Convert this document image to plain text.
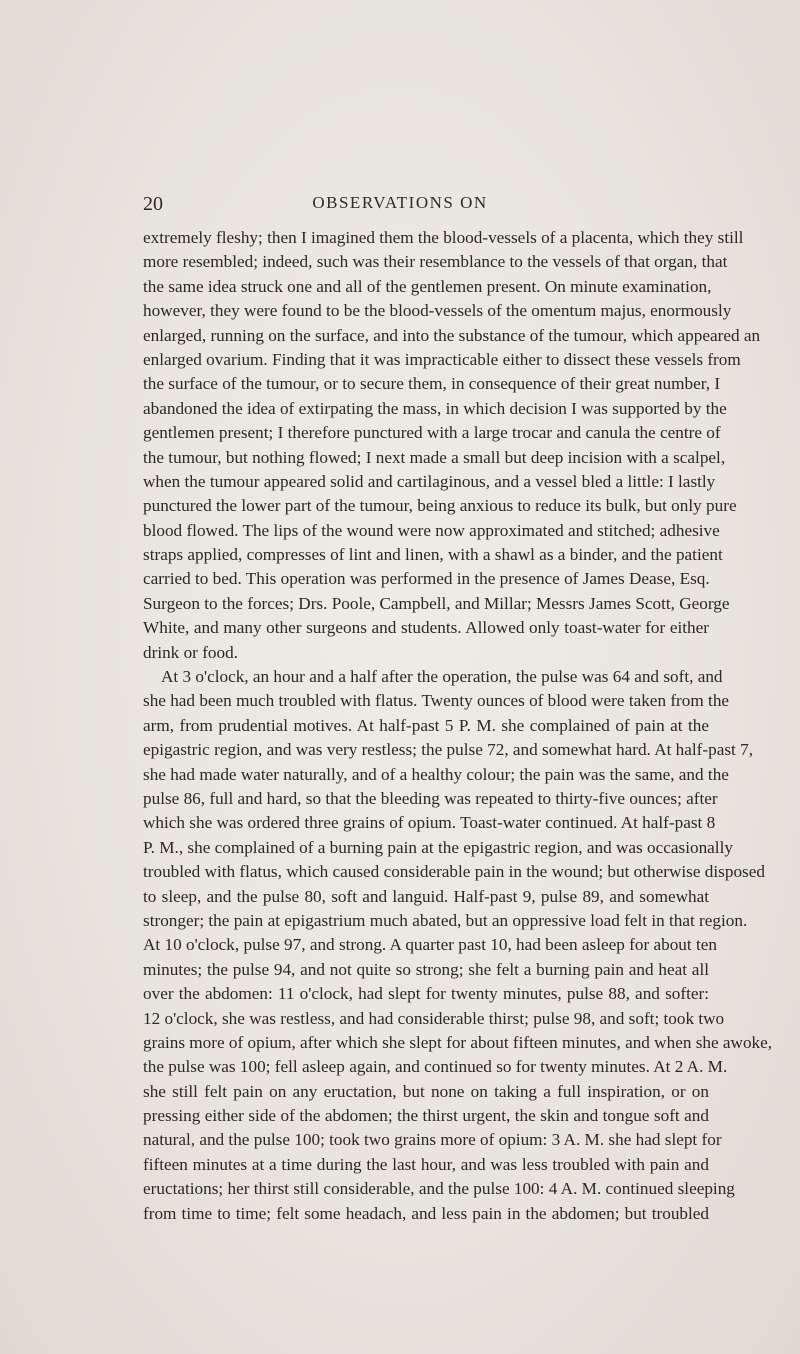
20	OBSERVATIONS ON
extremely fleshy; then I imagined them the blood-vessels of a placenta, which they still
more resembled; indeed, such was their resemblance to the vessels of that organ, that
the same idea struck one and all of the gentlemen present. On minute examination,
however, they were found to be the blood-vessels of the omentum majus, enormously
enlarged, running on the surface, and into the substance of the tumour, which appeared an
enlarged ovarium. Finding that it was impracticable either to dissect these vessels from
the surface of the tumour, or to secure them, in consequence of their great number, I
abandoned the idea of extirpating the mass, in which decision I was supported by the
gentlemen present; I therefore punctured with a large trocar and canula the centre of
the tumour, but nothing flowed; I next made a small but deep incision with a scalpel,
when the tumour appeared solid and cartilaginous, and a vessel bled a little: I lastly
punctured the lower part of the tumour, being anxious to reduce its bulk, but only pure
blood flowed. The lips of the wound were now approximated and stitched; adhesive
straps applied, compresses of lint and linen, with a shawl as a binder, and the patient
carried to bed. This operation was performed in the presence of James Dease, Esq.
Surgeon to the forces; Drs. Poole, Campbell, and Millar; Messrs James Scott, George
White, and many other surgeons and students. Allowed only toast-water for either
drink or food.
At 3 o'clock, an hour and a half after the operation, the pulse was 64 and soft, and
she had been much troubled with flatus. Twenty ounces of blood were taken from the
arm, from prudential motives. At half-past 5 P. M. she complained of pain at the
epigastric region, and was very restless; the pulse 72, and somewhat hard. At half-past 7,
she had made water naturally, and of a healthy colour; the pain was the same, and the
pulse 86, full and hard, so that the bleeding was repeated to thirty-five ounces; after
which she was ordered three grains of opium. Toast-water continued. At half-past 8
P. M., she complained of a burning pain at the epigastric region, and was occasionally
troubled with flatus, which caused considerable pain in the wound; but otherwise disposed
to sleep, and the pulse 80, soft and languid. Half-past 9, pulse 89, and somewhat
stronger; the pain at epigastrium much abated, but an oppressive load felt in that region.
At 10 o'clock, pulse 97, and strong. A quarter past 10, had been asleep for about ten
minutes; the pulse 94, and not quite so strong; she felt a burning pain and heat all
over the abdomen: 11 o'clock, had slept for twenty minutes, pulse 88, and softer:
12 o'clock, she was restless, and had considerable thirst; pulse 98, and soft; took two
grains more of opium, after which she slept for about fifteen minutes, and when she awoke,
the pulse was 100; fell asleep again, and continued so for twenty minutes. At 2 A. M.
she still felt pain on any eructation, but none on taking a full inspiration, or on
pressing either side of the abdomen; the thirst urgent, the skin and tongue soft and
natural, and the pulse 100; took two grains more of opium: 3 A. M. she had slept for
fifteen minutes at a time during the last hour, and was less troubled with pain and
eructations; her thirst still considerable, and the pulse 100: 4 A. M. continued sleeping
from time to time; felt some headach, and less pain in the abdomen; but troubled
